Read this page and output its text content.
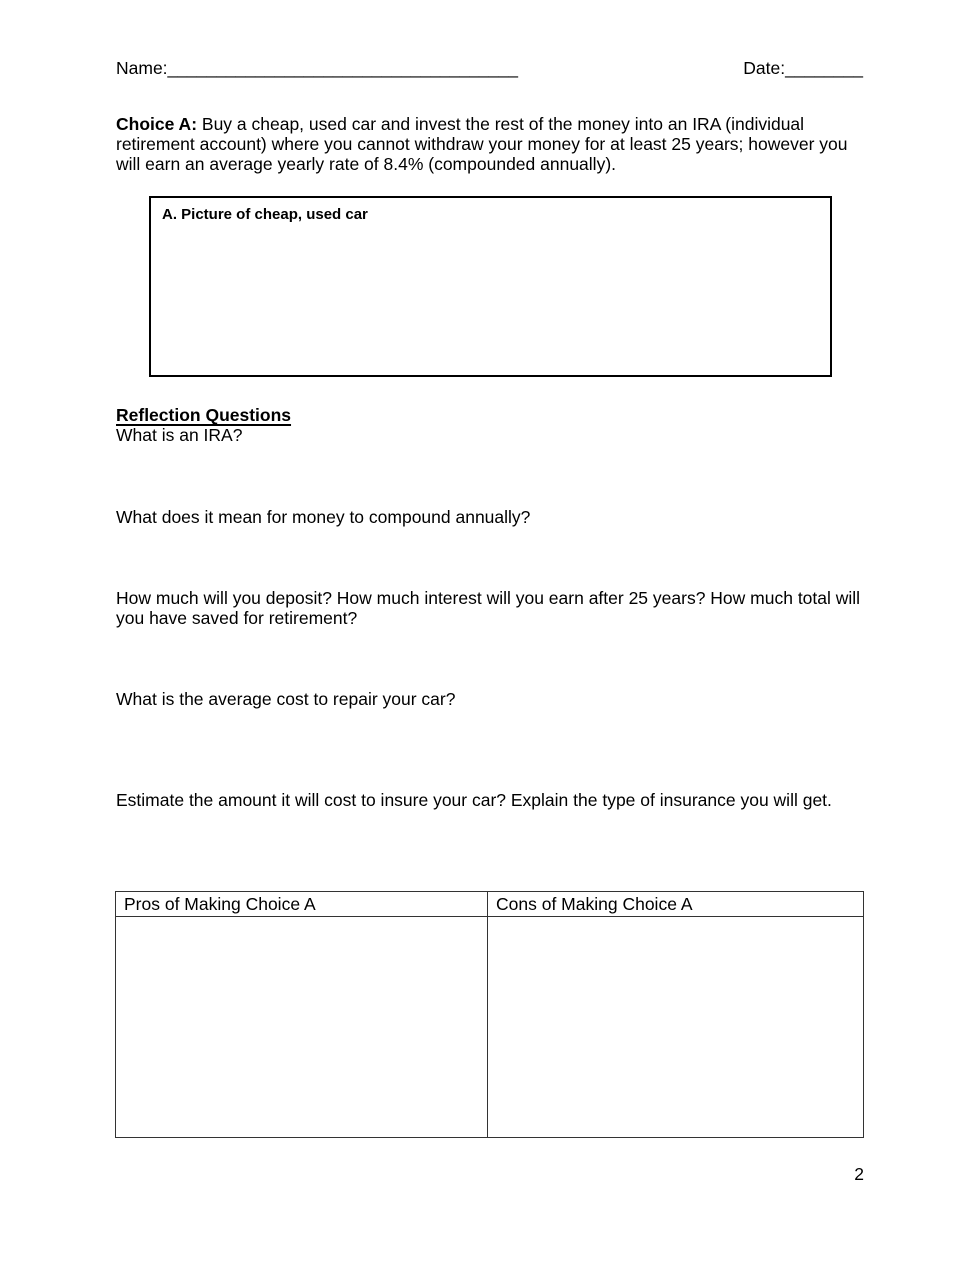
Name:____________________________________	Date:________

Choice A: Buy a cheap, used car and invest the rest of the money into an IRA (individual retirement account) where you cannot withdraw your money for at least 25 years; however you will earn an average yearly rate of 8.4% (compounded annually).

A. Picture of cheap, used car
Reflection Questions
What is an IRA?
What does it mean for money to compound annually?
How much will you deposit? How much interest will you earn after 25 years? How much total will you have saved for retirement?
What is the average cost to repair your car?
Estimate the amount it will cost to insure your car? Explain the type of insurance you will get.
Pros of Making Choice A	Cons of Making Choice A

2
